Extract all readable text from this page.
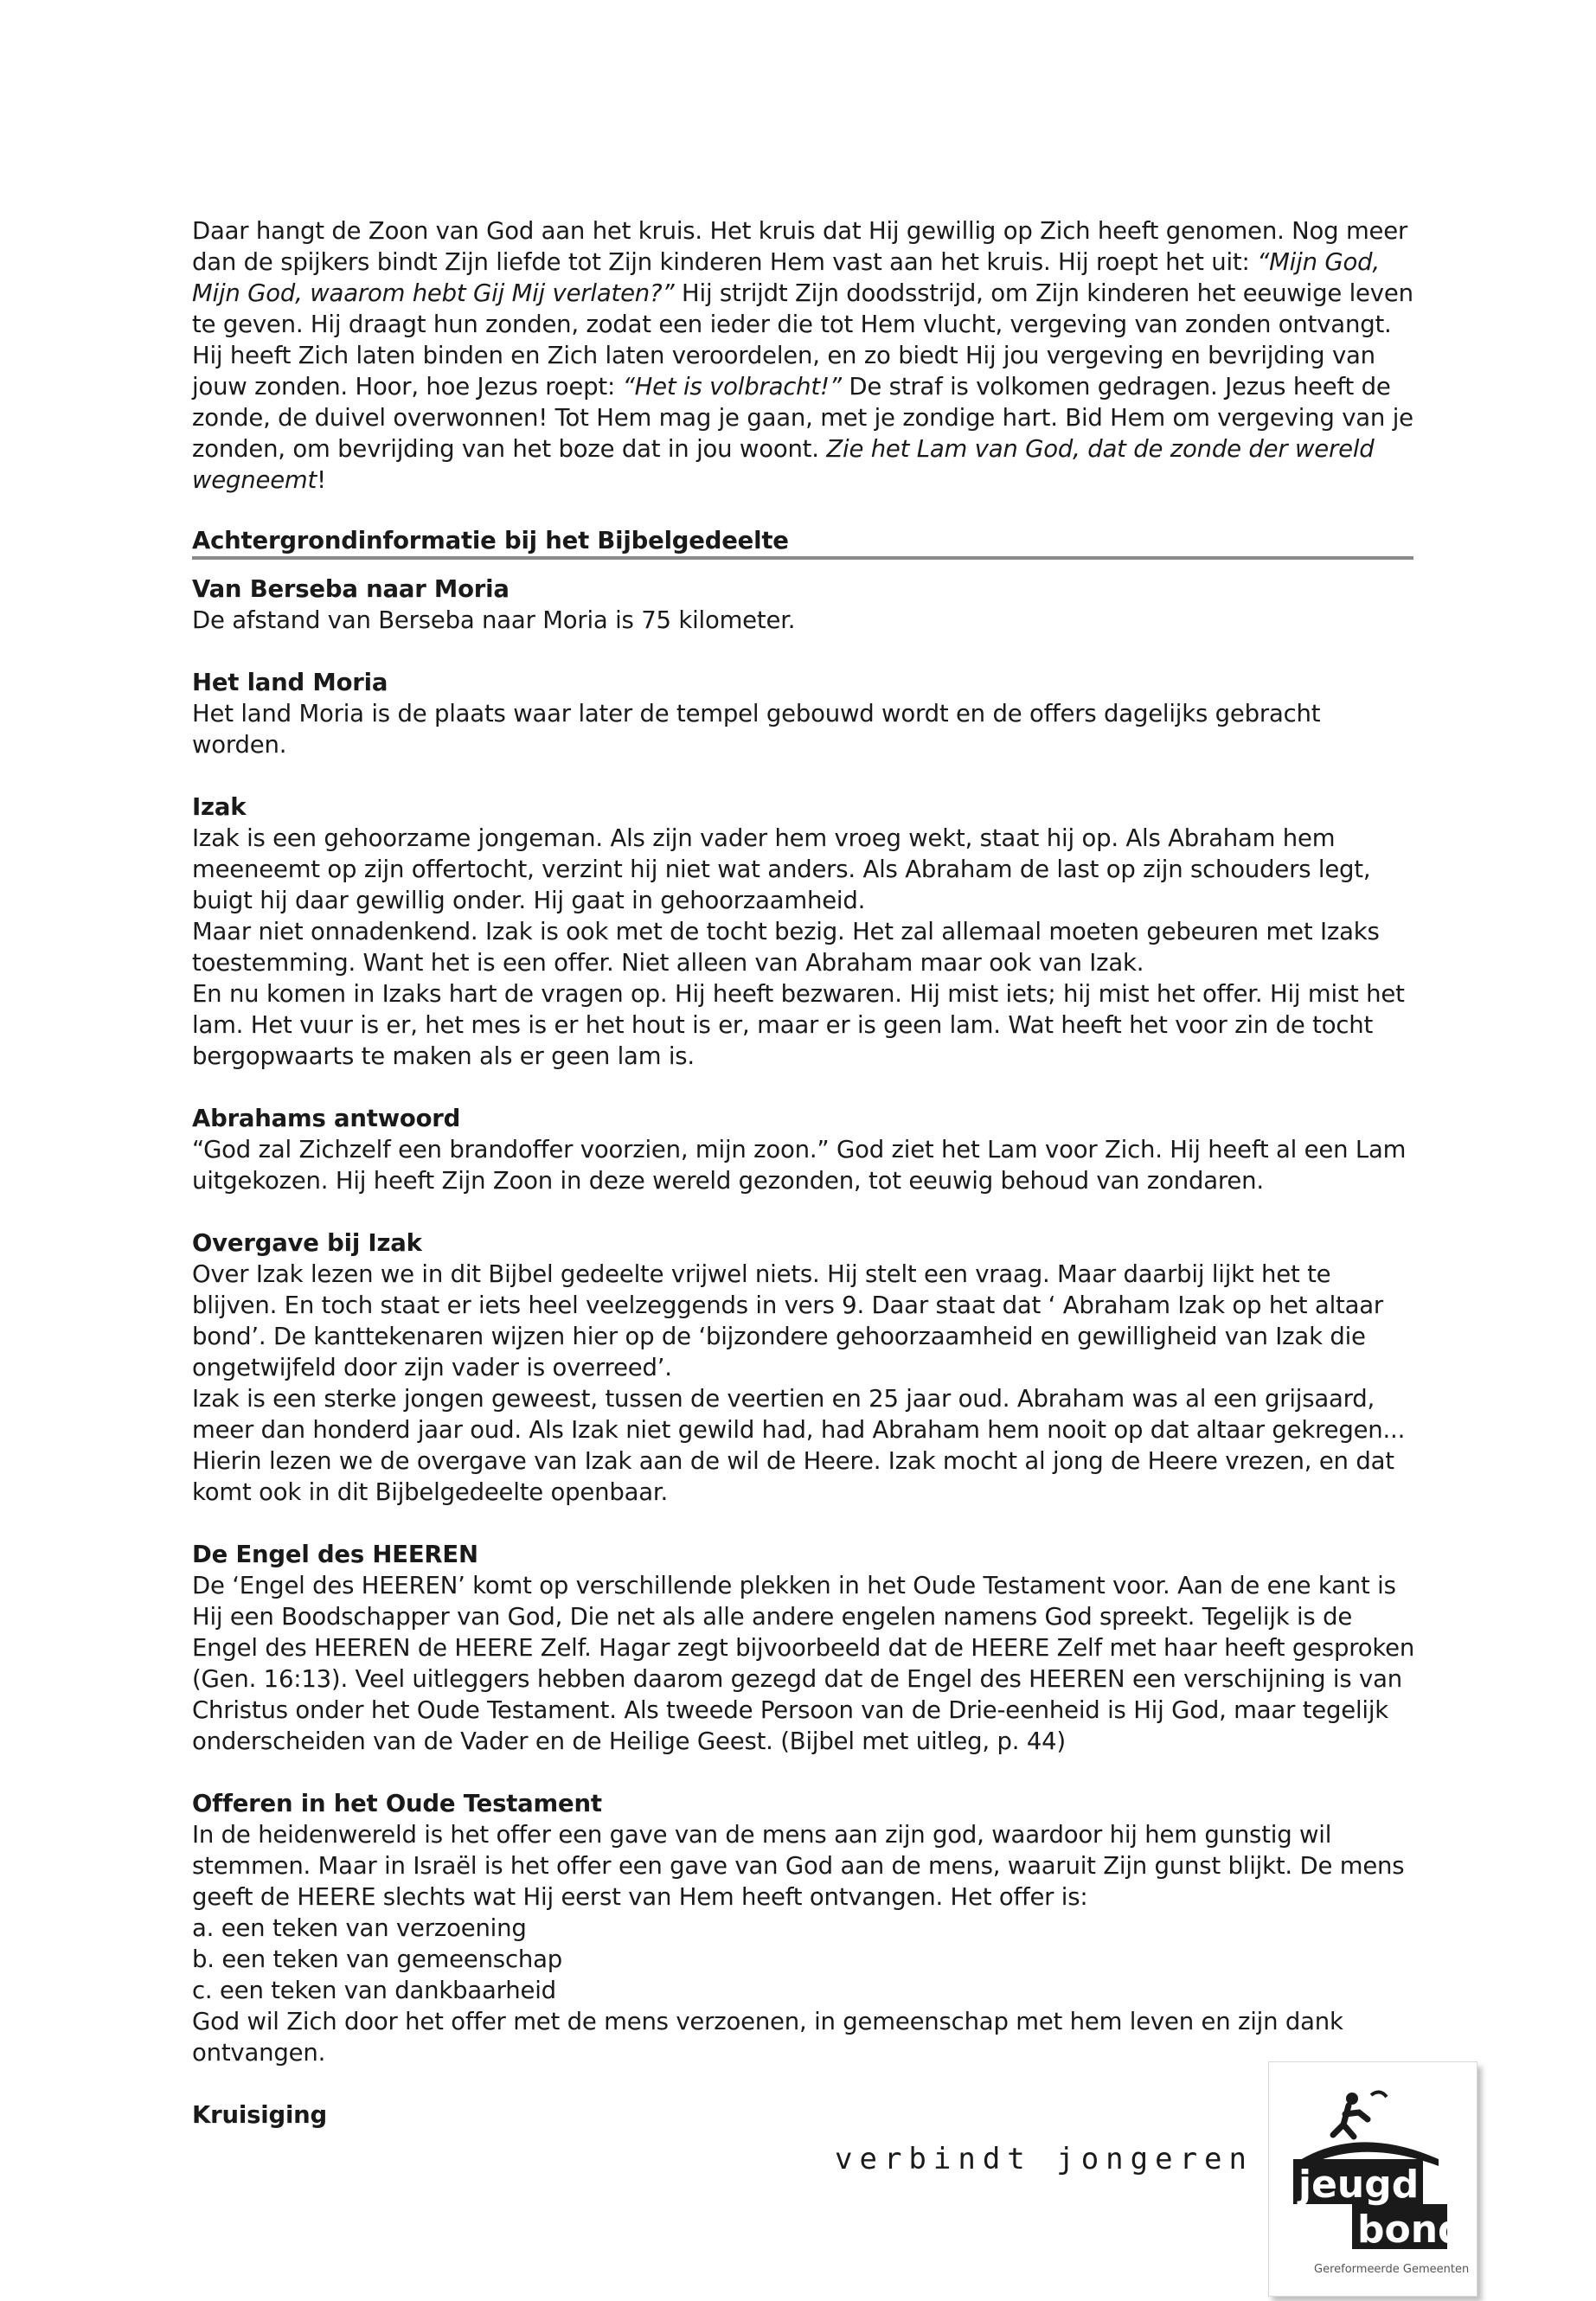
Daar hangt de Zoon van God aan het kruis. Het kruis dat Hij gewillig op Zich heeft genomen. Nog meer dan de spijkers bindt Zijn liefde tot Zijn kinderen Hem vast aan het kruis. Hij roept het uit: “Mijn God, Mijn God, waarom hebt Gij Mij verlaten?” Hij strijdt Zijn doodsstrijd, om Zijn kinderen het eeuwige leven te geven. Hij draagt hun zonden, zodat een ieder die tot Hem vlucht, vergeving van zonden ontvangt. Hij heeft Zich laten binden en Zich laten veroordelen, en zo biedt Hij jou vergeving en bevrijding van jouw zonden. Hoor, hoe Jezus roept: “Het is volbracht!” De straf is volkomen gedragen. Jezus heeft de zonde, de duivel overwonnen! Tot Hem mag je gaan, met je zondige hart. Bid Hem om vergeving van je zonden, om bevrijding van het boze dat in jou woont. Zie het Lam van God, dat de zonde der wereld wegneemt!

Achtergrondinformatie bij het Bijbelgedeelte

Van Berseba naar Moria

De afstand van Berseba naar Moria is 75 kilometer.

Het land Moria

Het land Moria is de plaats waar later de tempel gebouwd wordt en de offers dagelijks gebracht worden.

Izak

Izak is een gehoorzame jongeman. Als zijn vader hem vroeg wekt, staat hij op. Als Abraham hem meeneemt op zijn offertocht, verzint hij niet wat anders. Als Abraham de last op zijn schouders legt, buigt hij daar gewillig onder. Hij gaat in gehoorzaamheid.

Maar niet onnadenkend. Izak is ook met de tocht bezig. Het zal allemaal moeten gebeuren met Izaks toestemming. Want het is een offer. Niet alleen van Abraham maar ook van Izak.

En nu komen in Izaks hart de vragen op. Hij heeft bezwaren. Hij mist iets; hij mist het offer. Hij mist het lam. Het vuur is er, het mes is er het hout is er, maar er is geen lam. Wat heeft het voor zin de tocht bergopwaarts te maken als er geen lam is.

Abrahams antwoord

“God zal Zichzelf een brandoffer voorzien, mijn zoon.” God ziet het Lam voor Zich. Hij heeft al een Lam uitgekozen. Hij heeft Zijn Zoon in deze wereld gezonden, tot eeuwig behoud van zondaren.

Overgave bij Izak

Over Izak lezen we in dit Bijbel gedeelte vrijwel niets. Hij stelt een vraag. Maar daarbij lijkt het te blijven. En toch staat er iets heel veelzeggends in vers 9. Daar staat dat ‘ Abraham Izak op het altaar bond’. De kanttekenaren wijzen hier op de ‘bijzondere gehoorzaamheid en gewilligheid van Izak die ongetwijfeld door zijn vader is overreed’.

Izak is een sterke jongen geweest, tussen de veertien en 25 jaar oud. Abraham was al een grijsaard, meer dan honderd jaar oud. Als Izak niet gewild had, had Abraham hem nooit op dat altaar gekregen...

Hierin lezen we de overgave van Izak aan de wil de Heere. Izak mocht al jong de Heere vrezen, en dat komt ook in dit Bijbelgedeelte openbaar.

De Engel des HEEREN

De ‘Engel des HEEREN’ komt op verschillende plekken in het Oude Testament voor. Aan de ene kant is Hij een Boodschapper van God, Die net als alle andere engelen namens God spreekt. Tegelijk is de Engel des HEEREN de HEERE Zelf. Hagar zegt bijvoorbeeld dat de HEERE Zelf met haar heeft gesproken (Gen. 16:13). Veel uitleggers hebben daarom gezegd dat de Engel des HEEREN een verschijning is van Christus onder het Oude Testament. Als tweede Persoon van de Drie-eenheid is Hij God, maar tegelijk onderscheiden van de Vader en de Heilige Geest. (Bijbel met uitleg, p. 44)

Offeren in het Oude Testament

In de heidenwereld is het offer een gave van de mens aan zijn god, waardoor hij hem gunstig wil stemmen. Maar in Israël is het offer een gave van God aan de mens, waaruit Zijn gunst blijkt. De mens geeft de HEERE slechts wat Hij eerst van Hem heeft ontvangen. Het offer is:

a. een teken van verzoening

b. een teken van gemeenschap

c. een teken van dankbaarheid

God wil Zich door het offer met de mens verzoenen, in gemeenschap met hem leven en zijn dank ontvangen.

Kruisiging

verbindt jongeren
jeugd
bond
Gereformeerde Gemeenten
